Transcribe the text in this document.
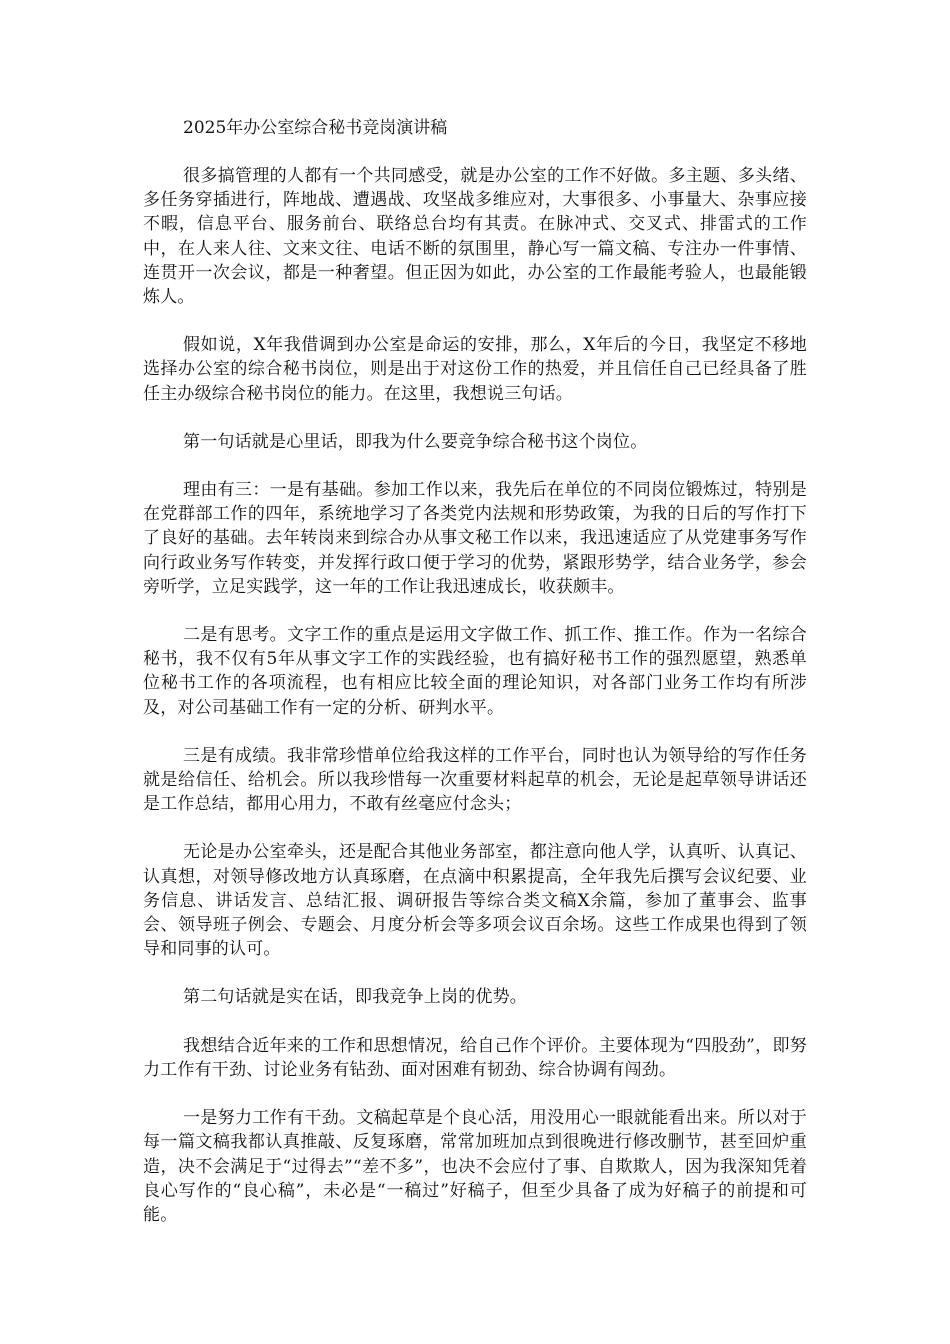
2025年办公室综合秘书竞岗演讲稿

很多搞管理的人都有一个共同感受，就是办公室的工作不好做。多主题、多头绪、多任务穿插进行，阵地战、遭遇战、攻坚战多维应对，大事很多、小事量大、杂事应接不暇，信息平台、服务前台、联络总台均有其责。在脉冲式、交叉式、排雷式的工作中，在人来人往、文来文往、电话不断的氛围里，静心写一篇文稿、专注办一件事情、连贯开一次会议，都是一种奢望。但正因为如此，办公室的工作最能考验人，也最能锻炼人。

假如说，X年我借调到办公室是命运的安排，那么，X年后的今日，我坚定不移地选择办公室的综合秘书岗位，则是出于对这份工作的热爱，并且信任自己已经具备了胜任主办级综合秘书岗位的能力。在这里，我想说三句话。

第一句话就是心里话，即我为什么要竞争综合秘书这个岗位。

理由有三：一是有基础。参加工作以来，我先后在单位的不同岗位锻炼过，特别是在党群部工作的四年，系统地学习了各类党内法规和形势政策，为我的日后的写作打下了良好的基础。去年转岗来到综合办从事文秘工作以来，我迅速适应了从党建事务写作向行政业务写作转变，并发挥行政口便于学习的优势，紧跟形势学，结合业务学，参会旁听学，立足实践学，这一年的工作让我迅速成长，收获颇丰。

二是有思考。文字工作的重点是运用文字做工作、抓工作、推工作。作为一名综合秘书，我不仅有5年从事文字工作的实践经验，也有搞好秘书工作的强烈愿望，熟悉单位秘书工作的各项流程，也有相应比较全面的理论知识，对各部门业务工作均有所涉及，对公司基础工作有一定的分析、研判水平。

三是有成绩。我非常珍惜单位给我这样的工作平台，同时也认为领导给的写作任务就是给信任、给机会。所以我珍惜每一次重要材料起草的机会，无论是起草领导讲话还是工作总结，都用心用力，不敢有丝毫应付念头；

无论是办公室牵头，还是配合其他业务部室，都注意向他人学，认真听、认真记、认真想，对领导修改地方认真琢磨，在点滴中积累提高，全年我先后撰写会议纪要、业务信息、讲话发言、总结汇报、调研报告等综合类文稿X余篇，参加了董事会、监事会、领导班子例会、专题会、月度分析会等多项会议百余场。这些工作成果也得到了领导和同事的认可。

第二句话就是实在话，即我竞争上岗的优势。

我想结合近年来的工作和思想情况，给自己作个评价。主要体现为“四股劲”，即努力工作有干劲、讨论业务有钻劲、面对困难有韧劲、综合协调有闯劲。

一是努力工作有干劲。文稿起草是个良心活，用没用心一眼就能看出来。所以对于每一篇文稿我都认真推敲、反复琢磨，常常加班加点到很晚进行修改删节，甚至回炉重造，决不会满足于“过得去”“差不多”，也决不会应付了事、自欺欺人，因为我深知凭着良心写作的“良心稿”，未必是“一稿过”好稿子，但至少具备了成为好稿子的前提和可能。
